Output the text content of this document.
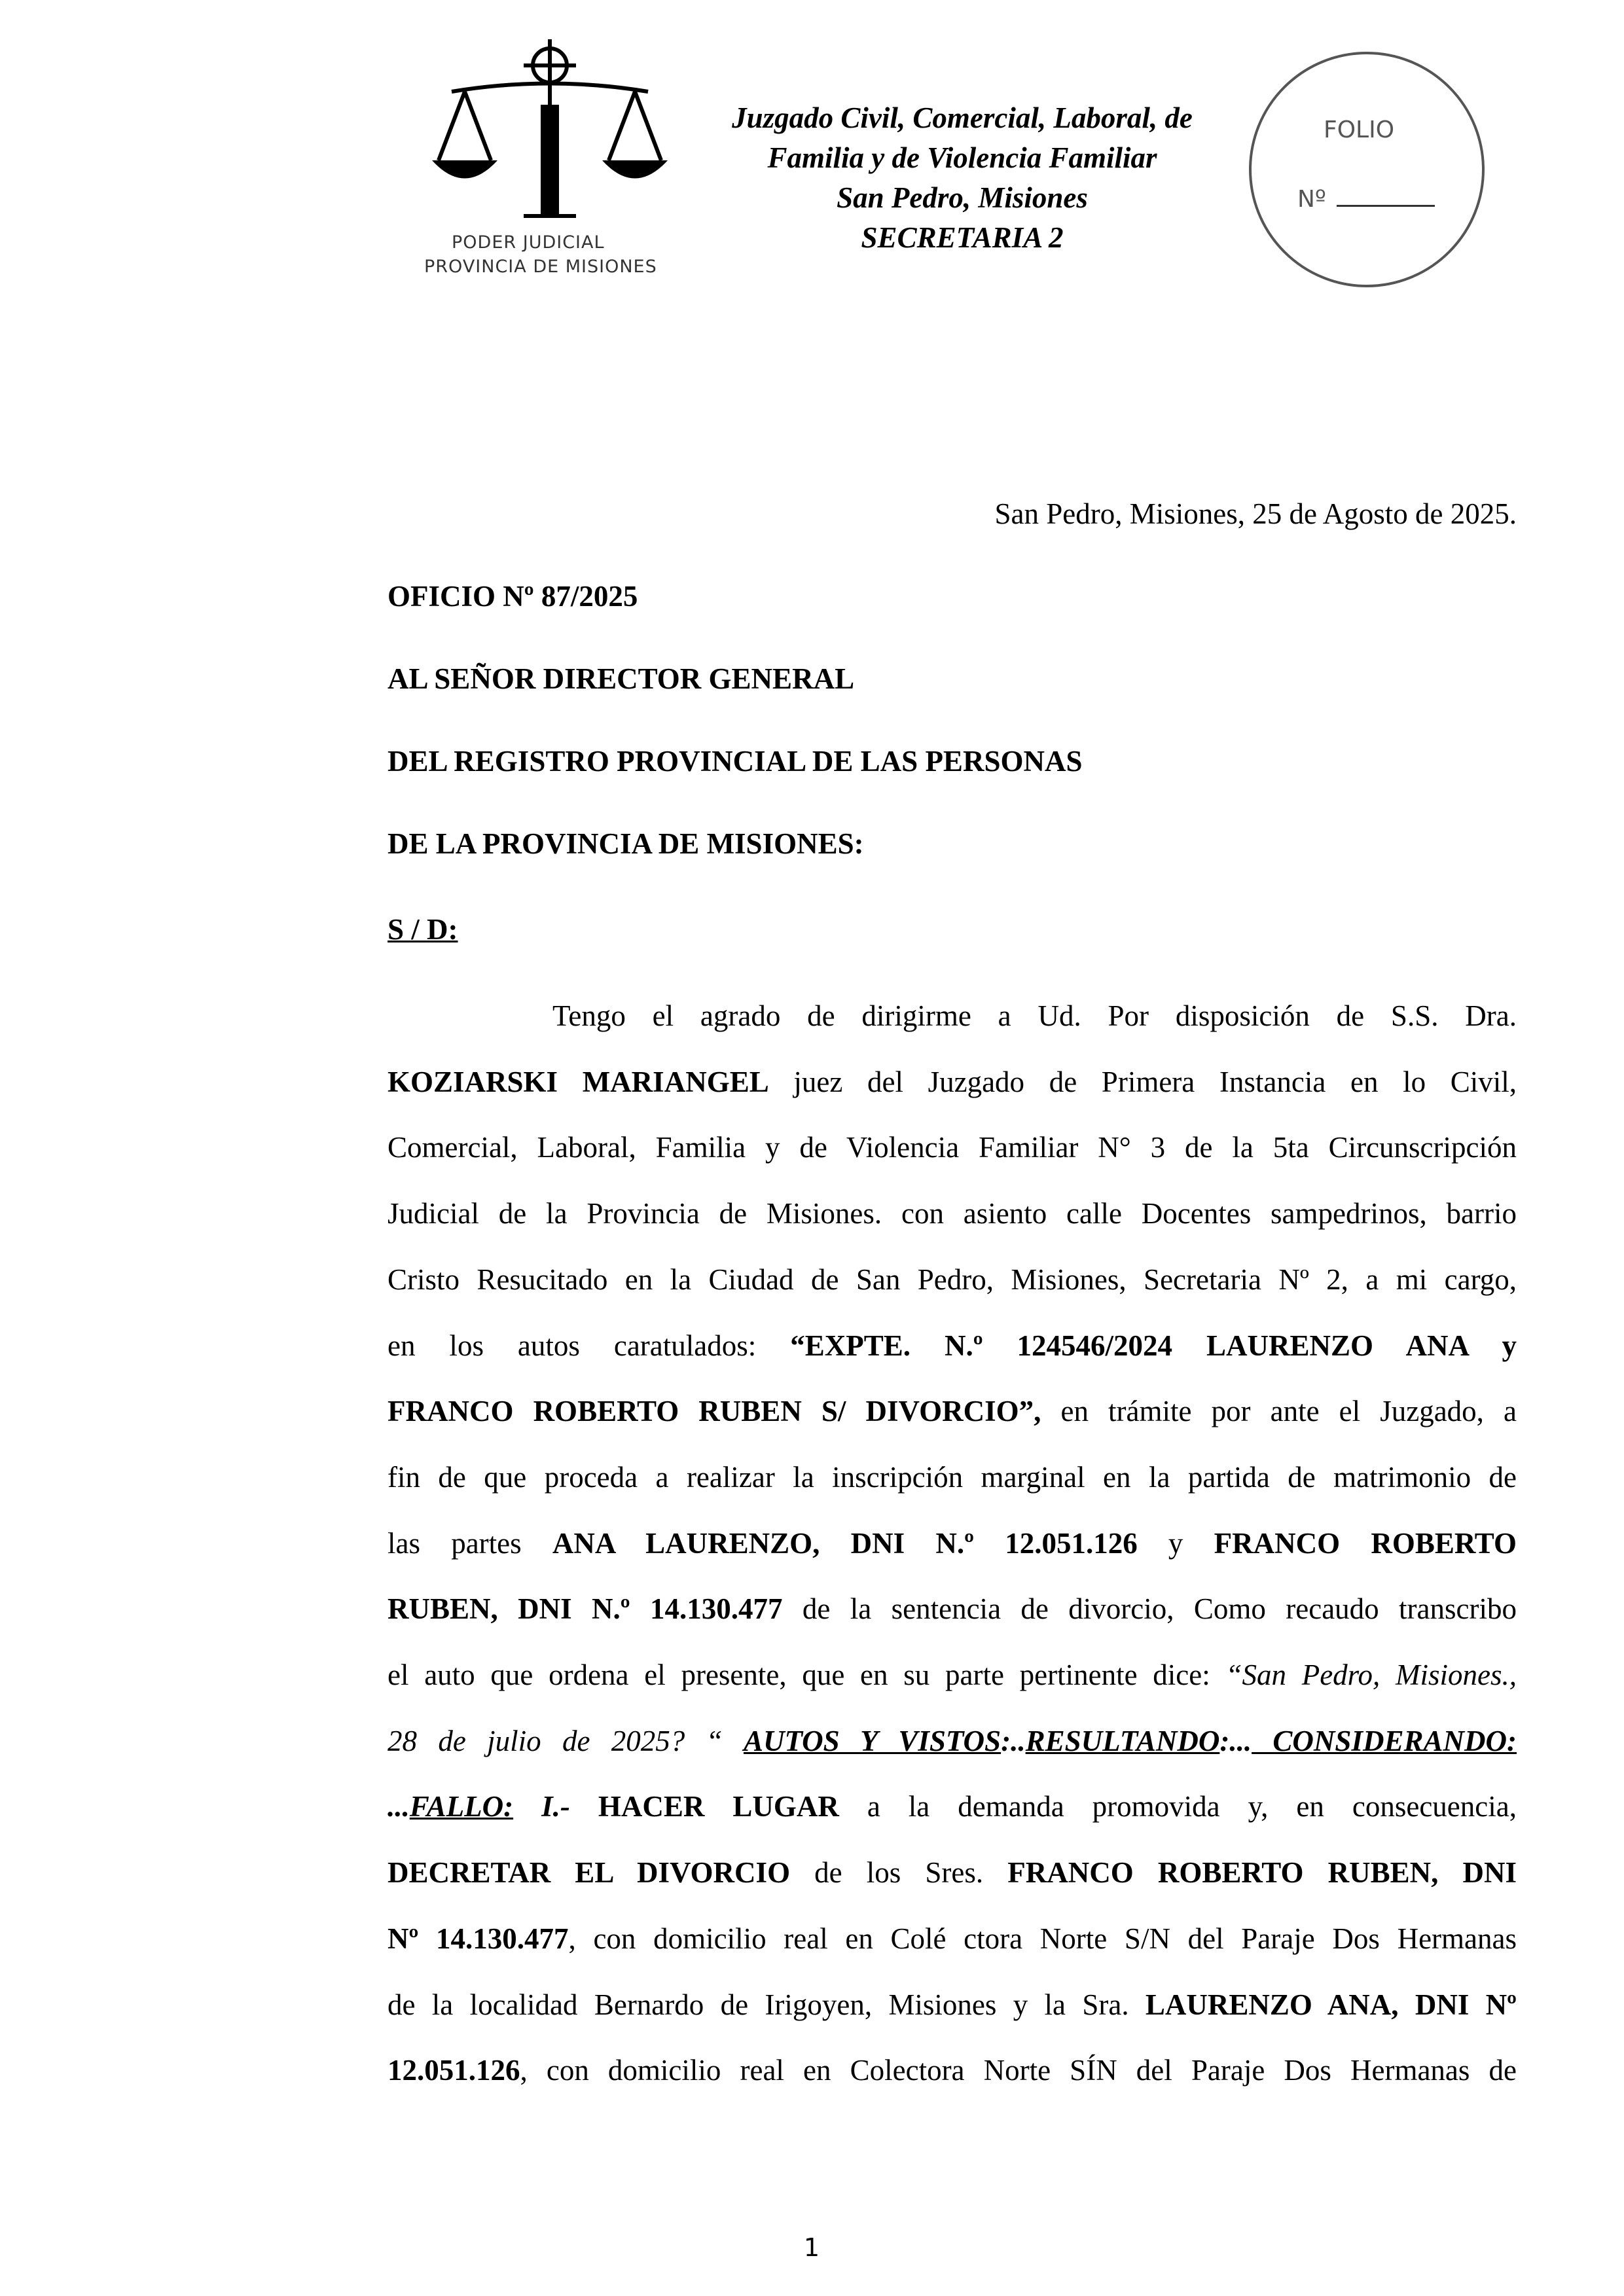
PODER JUDICIAL
PROVINCIA DE MISIONES
Juzgado Civil, Comercial, Laboral, de
Familia y de Violencia Familiar
San Pedro, Misiones
SECRETARIA 2
FOLIO
Nº
San Pedro, Misiones, 25 de Agosto de 2025.
OFICIO Nº 87/2025
AL SEÑOR DIRECTOR GENERAL
DEL REGISTRO PROVINCIAL DE LAS PERSONAS
DE LA PROVINCIA DE MISIONES:
S / D:
Tengo el agrado de dirigirme a Ud. Por disposición de S.S. Dra.
KOZIARSKI MARIANGEL juez del Juzgado de Primera Instancia en lo Civil,
Comercial, Laboral, Familia y de Violencia Familiar N° 3 de la 5ta Circunscripción
Judicial de la Provincia de Misiones. con asiento calle Docentes sampedrinos, barrio
Cristo Resucitado en la Ciudad de San Pedro, Misiones, Secretaria Nº 2, a mi cargo,
en los autos caratulados: “EXPTE. N.º 124546/2024 LAURENZO ANA y
FRANCO ROBERTO RUBEN S/ DIVORCIO”, en trámite por ante el Juzgado, a
fin de que proceda a realizar la inscripción marginal en la partida de matrimonio de
las partes ANA LAURENZO, DNI N.º 12.051.126 y FRANCO ROBERTO
RUBEN, DNI N.º 14.130.477 de la sentencia de divorcio, Como recaudo transcribo
el auto que ordena el presente, que en su parte pertinente dice: “San Pedro, Misiones.,
28 de julio de 2025? “ AUTOS Y VISTOS:..RESULTANDO:... CONSIDERANDO:
...FALLO: I.- HACER LUGAR a la demanda promovida y, en consecuencia,
DECRETAR EL DIVORCIO de los Sres. FRANCO ROBERTO RUBEN, DNI
Nº 14.130.477, con domicilio real en Colé ctora Norte S/N del Paraje Dos Hermanas
de la localidad Bernardo de Irigoyen, Misiones y la Sra. LAURENZO ANA, DNI Nº
12.051.126, con domicilio real en Colectora Norte SÍN del Paraje Dos Hermanas de
1
